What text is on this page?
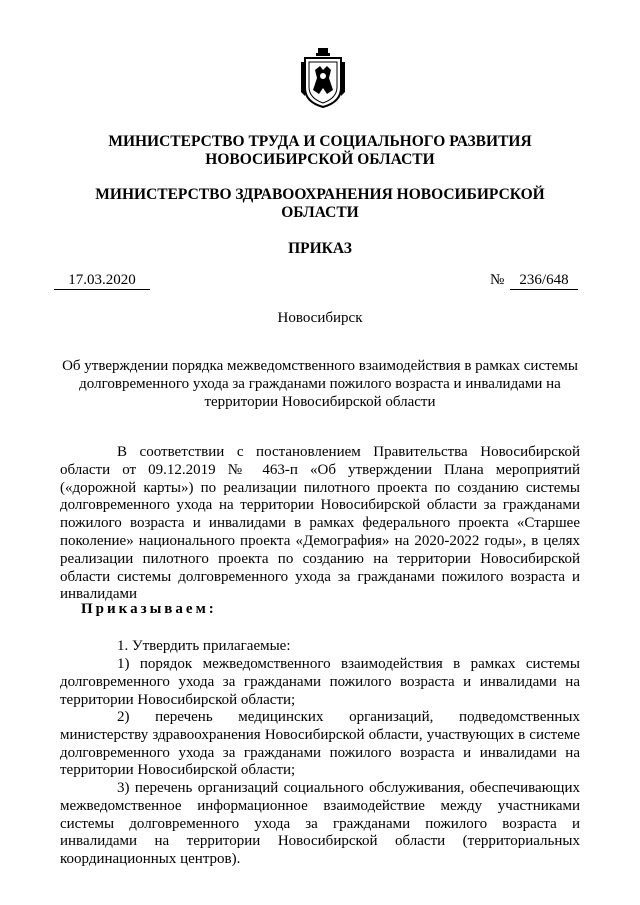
МИНИСТЕРСТВО ТРУДА И СОЦИАЛЬНОГО РАЗВИТИЯ НОВОСИБИРСКОЙ ОБЛАСТИ
МИНИСТЕРСТВО ЗДРАВООХРАНЕНИЯ НОВОСИБИРСКОЙ ОБЛАСТИ
ПРИКАЗ
17.03.2020	№	236/648
Новосибирск
Об утверждении порядка межведомственного взаимодействия в рамках системы долговременного ухода за гражданами пожилого возраста и инвалидами на территории Новосибирской области

В соответствии с постановлением Правительства Новосибирской области от 09.12.2019 № 463-п «Об утверждении Плана мероприятий («дорожной карты») по реализации пилотного проекта по созданию системы долговременного ухода на территории Новосибирской области за гражданами пожилого возраста и инвалидами в рамках федерального проекта «Старшее поколение» национального проекта «Демография» на 2020-2022 годы», в целях реализации пилотного проекта по созданию на территории Новосибирской области системы долговременного ухода за гражданами пожилого возраста и инвалидами

Приказываем:

1. Утвердить прилагаемые:

1) порядок межведомственного взаимодействия в рамках системы долговременного ухода за гражданами пожилого возраста и инвалидами на территории Новосибирской области;

2) перечень медицинских организаций, подведомственных министерству здравоохранения Новосибирской области, участвующих в системе долговременного ухода за гражданами пожилого возраста и инвалидами на территории Новосибирской области;

3) перечень организаций социального обслуживания, обеспечивающих межведомственное информационное взаимодействие между участниками системы долговременного ухода за гражданами пожилого возраста и инвалидами на территории Новосибирской области (территориальных координационных центров).
